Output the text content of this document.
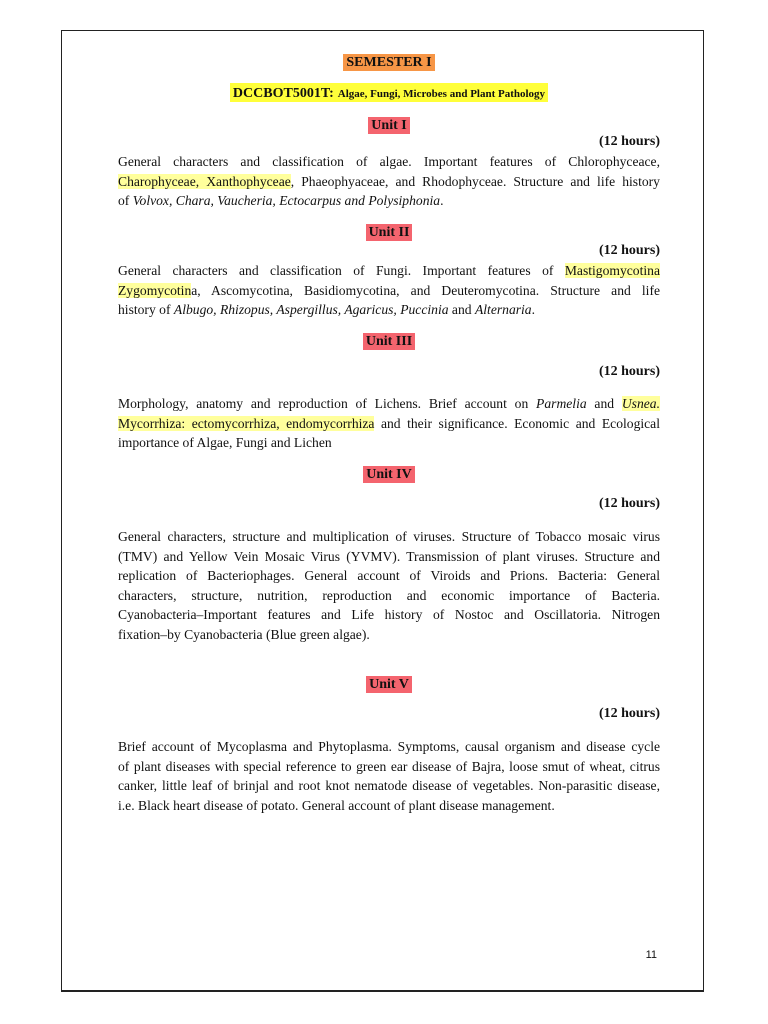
SEMESTER I
DCCBOT5001T: Algae, Fungi, Microbes and Plant Pathology
Unit I
(12 hours)
General characters and classification of algae. Important features of Chlorophyceace,
Charophyceae, Xanthophyceae, Phaeophyaceae, and Rhodophyceae. Structure and life history
of Volvox, Chara, Vaucheria, Ectocarpus and Polysiphonia.
Unit II
(12 hours)
General characters and classification of Fungi. Important features of Mastigomycotina
Zygomycotina, Ascomycotina, Basidiomycotina, and Deuteromycotina. Structure and life
history of Albugo, Rhizopus, Aspergillus, Agaricus, Puccinia and Alternaria.
Unit III
(12 hours)
Morphology, anatomy and reproduction of Lichens. Brief account on Parmelia and Usnea.
Mycorrhiza: ectomycorrhiza, endomycorrhiza and their significance. Economic and Ecological
importance of Algae, Fungi and Lichen
Unit IV
(12 hours)
General characters, structure and multiplication of viruses. Structure of Tobacco mosaic virus
(TMV) and Yellow Vein Mosaic Virus (YVMV). Transmission of plant viruses. Structure and
replication of Bacteriophages. General account of Viroids and Prions. Bacteria: General
characters, structure, nutrition, reproduction and economic importance of Bacteria.
Cyanobacteria–Important features and Life history of Nostoc and Oscillatoria. Nitrogen
fixation–by Cyanobacteria (Blue green algae).
Unit V
(12 hours)
Brief account of Mycoplasma and Phytoplasma. Symptoms, causal organism and disease cycle
of plant diseases with special reference to green ear disease of Bajra, loose smut of wheat, citrus
canker, little leaf of brinjal and root knot nematode disease of vegetables. Non-parasitic disease,
i.e. Black heart disease of potato. General account of plant disease management.
11
